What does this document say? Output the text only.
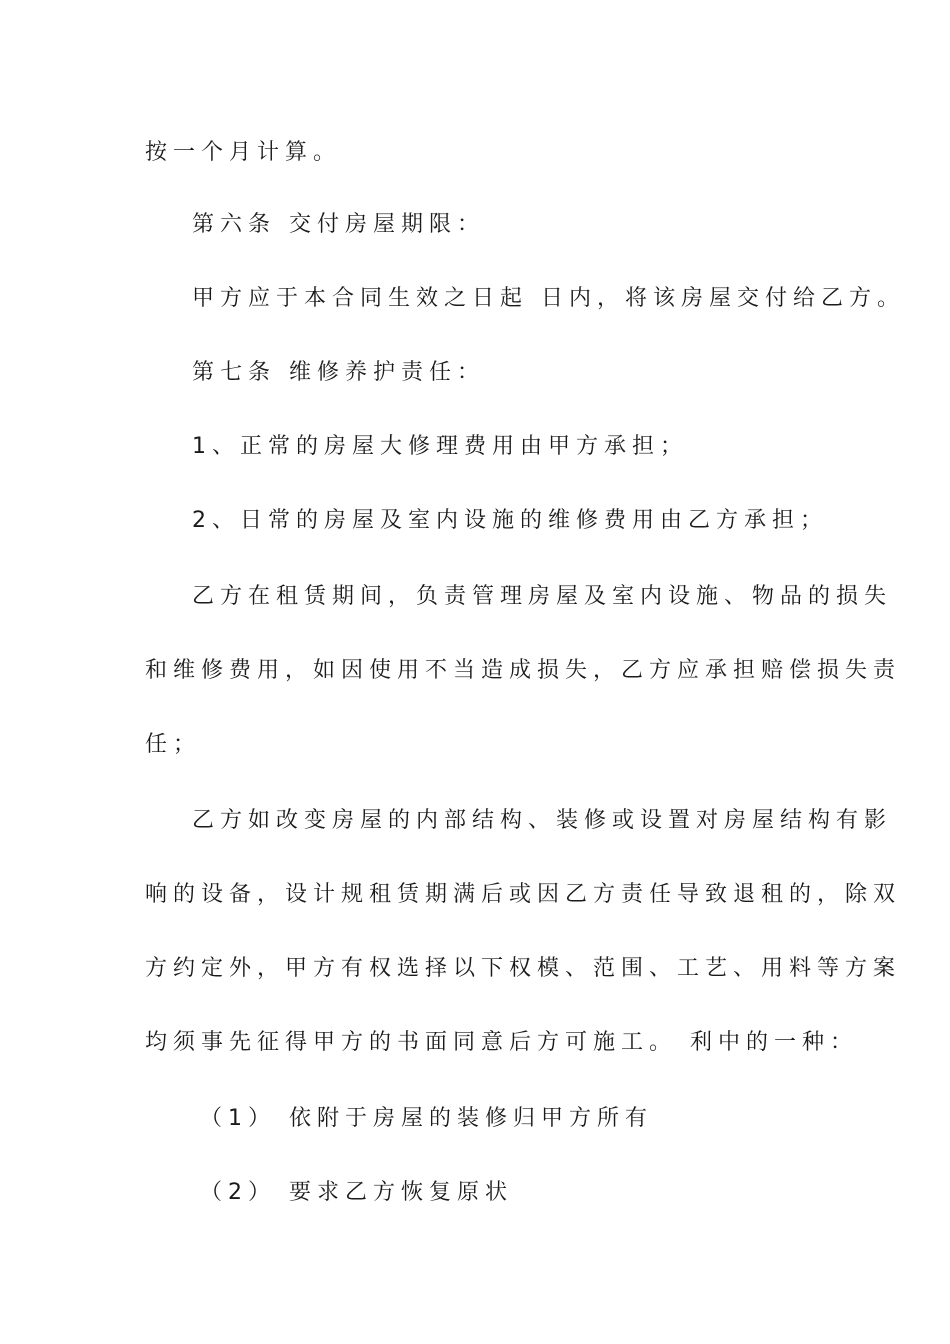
按一个月计算。
第六条 交付房屋期限：
甲方应于本合同生效之日起 日内，将该房屋交付给乙方。
第七条 维修养护责任：
1、正常的房屋大修理费用由甲方承担；
2、日常的房屋及室内设施的维修费用由乙方承担；
乙方在租赁期间，负责管理房屋及室内设施、物品的损失
和维修费用，如因使用不当造成损失，乙方应承担赔偿损失责
任；
乙方如改变房屋的内部结构、装修或设置对房屋结构有影
响的设备，设计规租赁期满后或因乙方责任导致退租的，除双
方约定外，甲方有权选择以下权模、范围、工艺、用料等方案
均须事先征得甲方的书面同意后方可施工。 利中的一种：
（1） 依附于房屋的装修归甲方所有
（2） 要求乙方恢复原状
